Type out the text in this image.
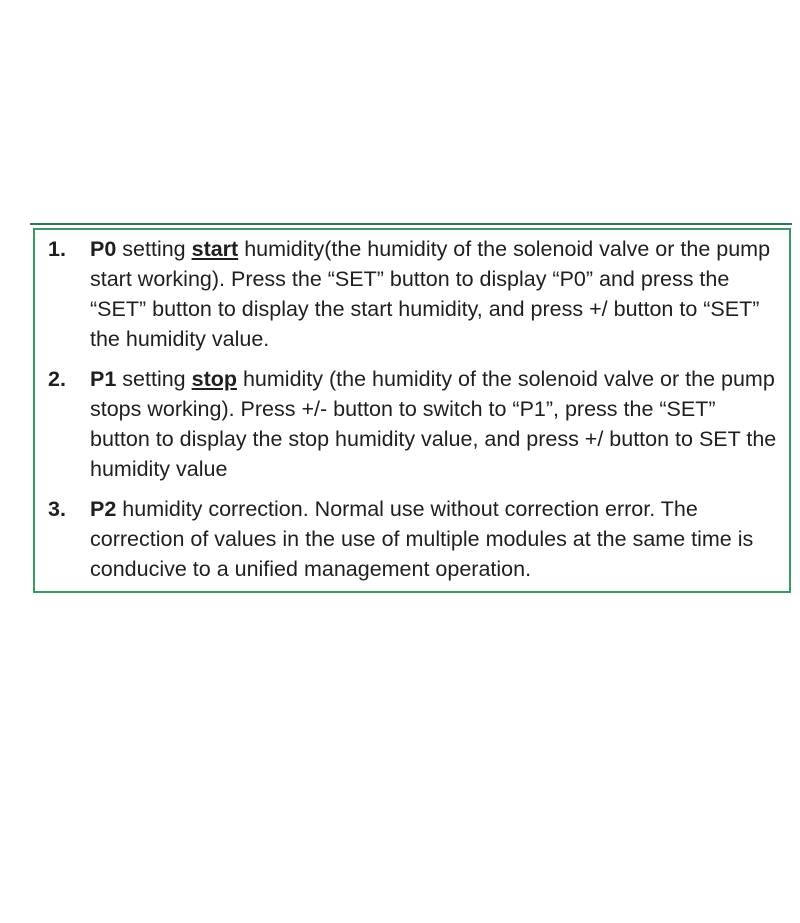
1. P0 setting start humidity(the humidity of the solenoid valve or the pump start working). Press the “SET” button to display “P0” and press the “SET” button to display the start humidity, and press +/ button to “SET” the humidity value.
2. P1 setting stop humidity (the humidity of the solenoid valve or the pump stops working). Press +/- button to switch to “P1”, press the “SET” button to display the stop humidity value, and press +/ button to SET the humidity value
3. P2 humidity correction. Normal use without correction error. The correction of values in the use of multiple modules at the same time is conducive to a unified management operation.
